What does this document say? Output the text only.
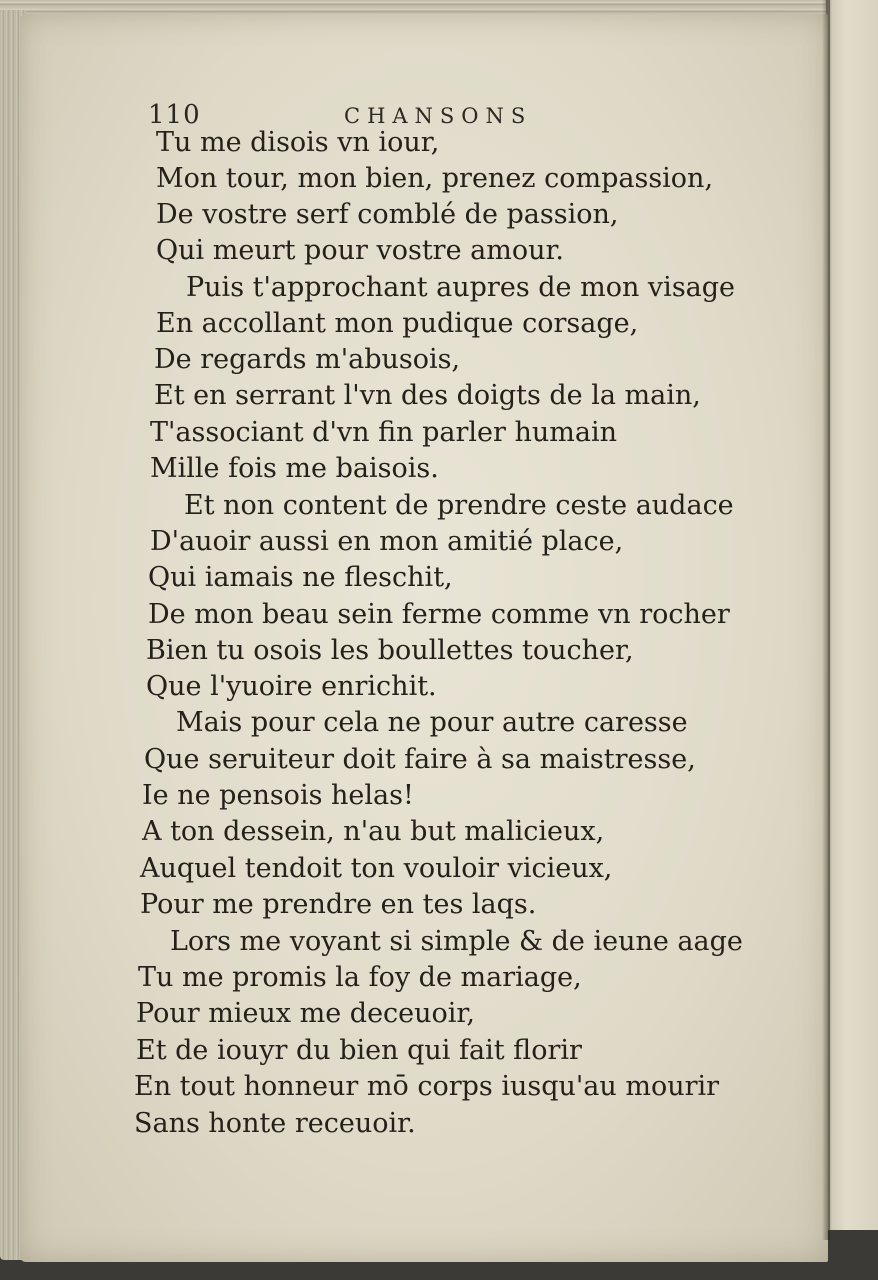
110	CHANSONS
Tu me disois vn iour,
Mon tour, mon bien, prenez compassion,
De vostre serf comblé de passion,
Qui meurt pour vostre amour.
Puis t'approchant aupres de mon visage
En accollant mon pudique corsage,
De regards m'abusois,
Et en serrant l'vn des doigts de la main,
T'associant d'vn fin parler humain
Mille fois me baisois.
Et non content de prendre ceste audace
D'auoir aussi en mon amitié place,
Qui iamais ne fleschit,
De mon beau sein ferme comme vn rocher
Bien tu osois les boullettes toucher,
Que l'yuoire enrichit.
Mais pour cela ne pour autre caresse
Que seruiteur doit faire à sa maistresse,
Ie ne pensois helas!
A ton dessein, n'au but malicieux,
Auquel tendoit ton vouloir vicieux,
Pour me prendre en tes laqs.
Lors me voyant si simple & de ieune aage
Tu me promis la foy de mariage,
Pour mieux me deceuoir,
Et de iouyr du bien qui fait florir
En tout honneur mō corps iusqu'au mourir
Sans honte receuoir.
